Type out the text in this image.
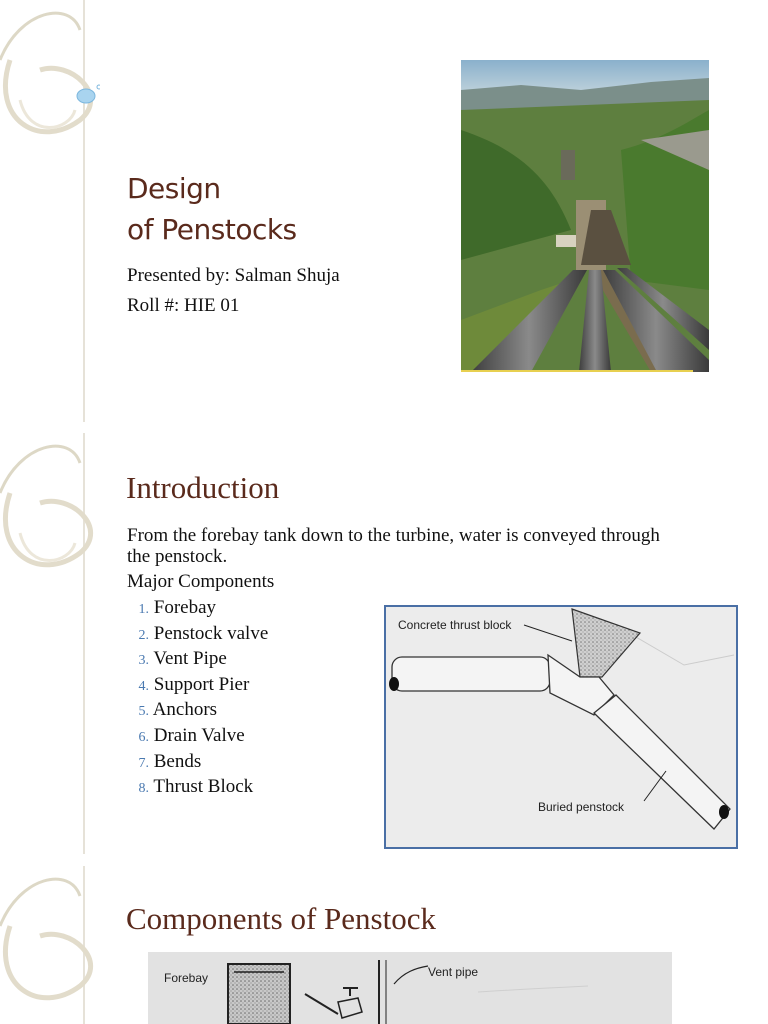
Design
of Penstocks
Presented by: Salman Shuja
Roll #: HIE 01
Introduction
From the forebay tank down to the turbine, water is conveyed through
the penstock.
Major Components
1. Forebay
2. Penstock valve
3. Vent Pipe
4. Support Pier
5. Anchors
6. Drain Valve
7. Bends
8. Thrust Block
Concrete thrust block
Buried penstock
Components of Penstock
Forebay	Vent pipe
